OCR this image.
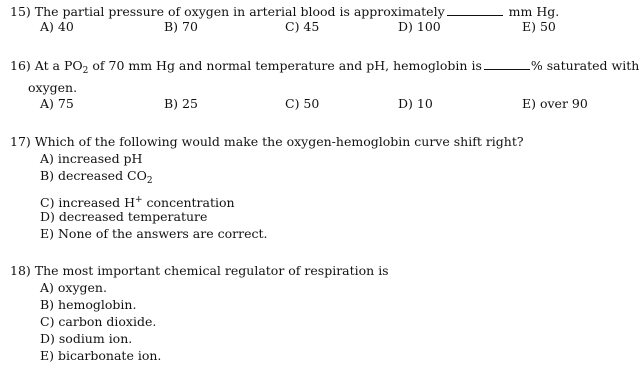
15) The partial pressure of oxygen in arterial blood is approximately	mm Hg.
A) 40	B) 70	C) 45	D) 100	E) 50
16) At a $PO_2$ of 70 mm Hg and normal temperature and pH, hemoglobin is	% saturated with
oxygen.
A) 75	B) 25	C) 50	D) 10	E) over 90
17) Which of the following would make the oxygen-hemoglobin curve shift right?
A) increased pH
B) decreased $CO_2$
C) increased H+ concentration
D) decreased temperature
E) None of the answers are correct.
18) The most important chemical regulator of respiration is
A) oxygen.
B) hemoglobin.
C) carbon dioxide.
D) sodium ion.
E) bicarbonate ion.
